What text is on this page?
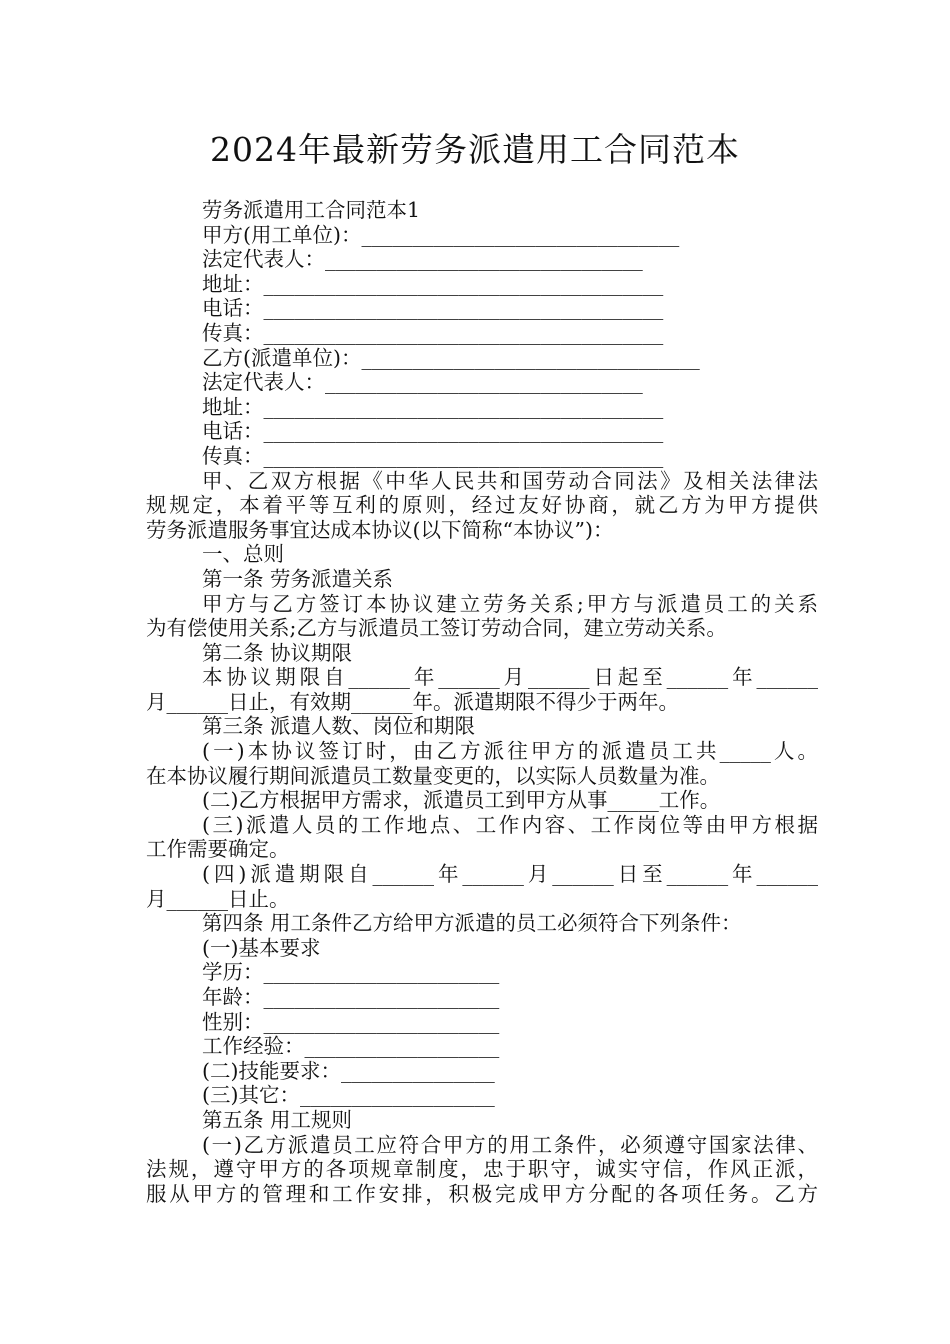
2024年最新劳务派遣用工合同范本
劳务派遣用工合同范本1
甲方(用工单位)：_______________________________
法定代表人：_______________________________
地址：_______________________________________
电话：_______________________________________
传真：_______________________________________
乙方(派遣单位)：_________________________________
法定代表人：_______________________________
地址：_______________________________________
电话：_______________________________________
传真：_______________________________________
甲、乙双方根据《中华人民共和国劳动合同法》及相关法律法
规规定，本着平等互利的原则，经过友好协商，就乙方为甲方提供
劳务派遣服务事宜达成本协议(以下简称“本协议”)：
一、总则
第一条 劳务派遣关系
甲方与乙方签订本协议建立劳务关系;甲方与派遣员工的关系
为有偿使用关系;乙方与派遣员工签订劳动合同，建立劳动关系。
第二条 协议期限
本协议期限自______年______月______日起至______年______
月______日止，有效期______年。派遣期限不得少于两年。
第三条 派遣人数、岗位和期限
(一)本协议签订时，由乙方派往甲方的派遣员工共_____人。
在本协议履行期间派遣员工数量变更的，以实际人员数量为准。
(二)乙方根据甲方需求，派遣员工到甲方从事_____工作。
(三)派遣人员的工作地点、工作内容、工作岗位等由甲方根据
工作需要确定。
(四)派遣期限自______年______月______日至______年______
月______日止。
第四条 用工条件乙方给甲方派遣的员工必须符合下列条件：
(一)基本要求
学历：_______________________
年龄：_______________________
性别：_______________________
工作经验：___________________
(二)技能要求：_______________
(三)其它：___________________
第五条 用工规则
(一)乙方派遣员工应符合甲方的用工条件，必须遵守国家法律、
法规，遵守甲方的各项规章制度，忠于职守，诚实守信，作风正派，
服从甲方的管理和工作安排，积极完成甲方分配的各项任务。乙方
